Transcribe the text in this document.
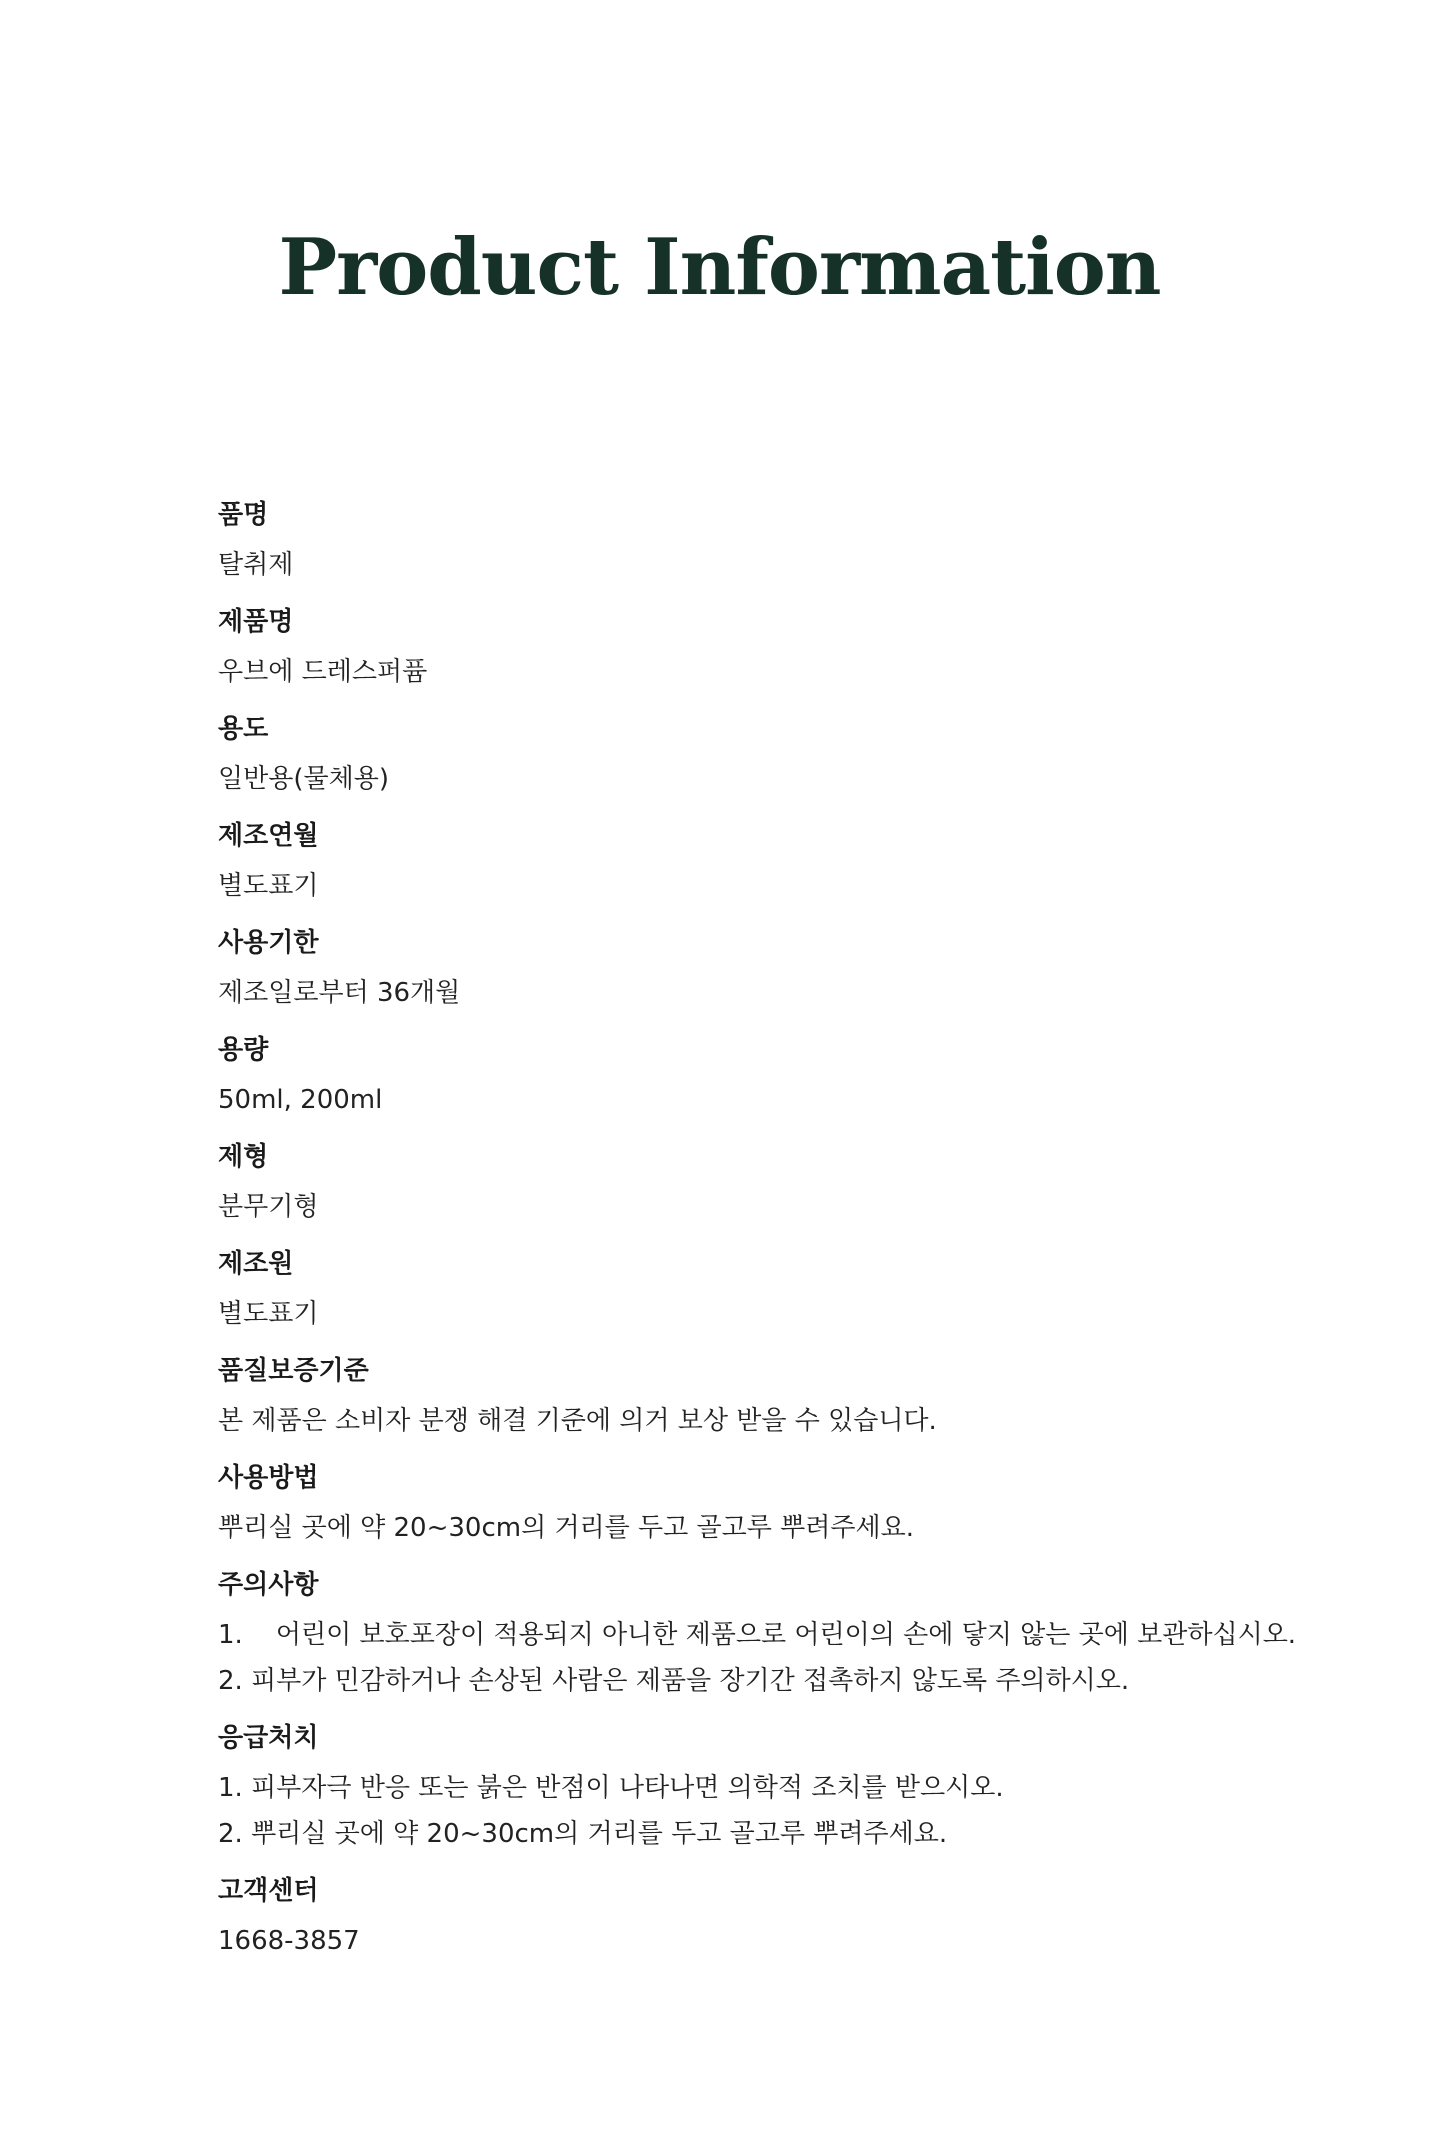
Product Information
품명
탈취제
제품명
우브에 드레스퍼퓸
용도
일반용(물체용)
제조연월
별도표기
사용기한
제조일로부터 36개월
용량
50ml, 200ml
제형
분무기형
제조원
별도표기
품질보증기준
본 제품은 소비자 분쟁 해결 기준에 의거 보상 받을 수 있습니다.
사용방법
뿌리실 곳에 약 20~30cm의 거리를 두고 골고루 뿌려주세요.
주의사항
1.    어린이 보호포장이 적용되지 아니한 제품으로 어린이의 손에 닿지 않는 곳에 보관하십시오.
2. 피부가 민감하거나 손상된 사람은 제품을 장기간 접촉하지 않도록 주의하시오.
응급처치
1. 피부자극 반응 또는 붉은 반점이 나타나면 의학적 조치를 받으시오.
2. 뿌리실 곳에 약 20~30cm의 거리를 두고 골고루 뿌려주세요.
고객센터
1668-3857
